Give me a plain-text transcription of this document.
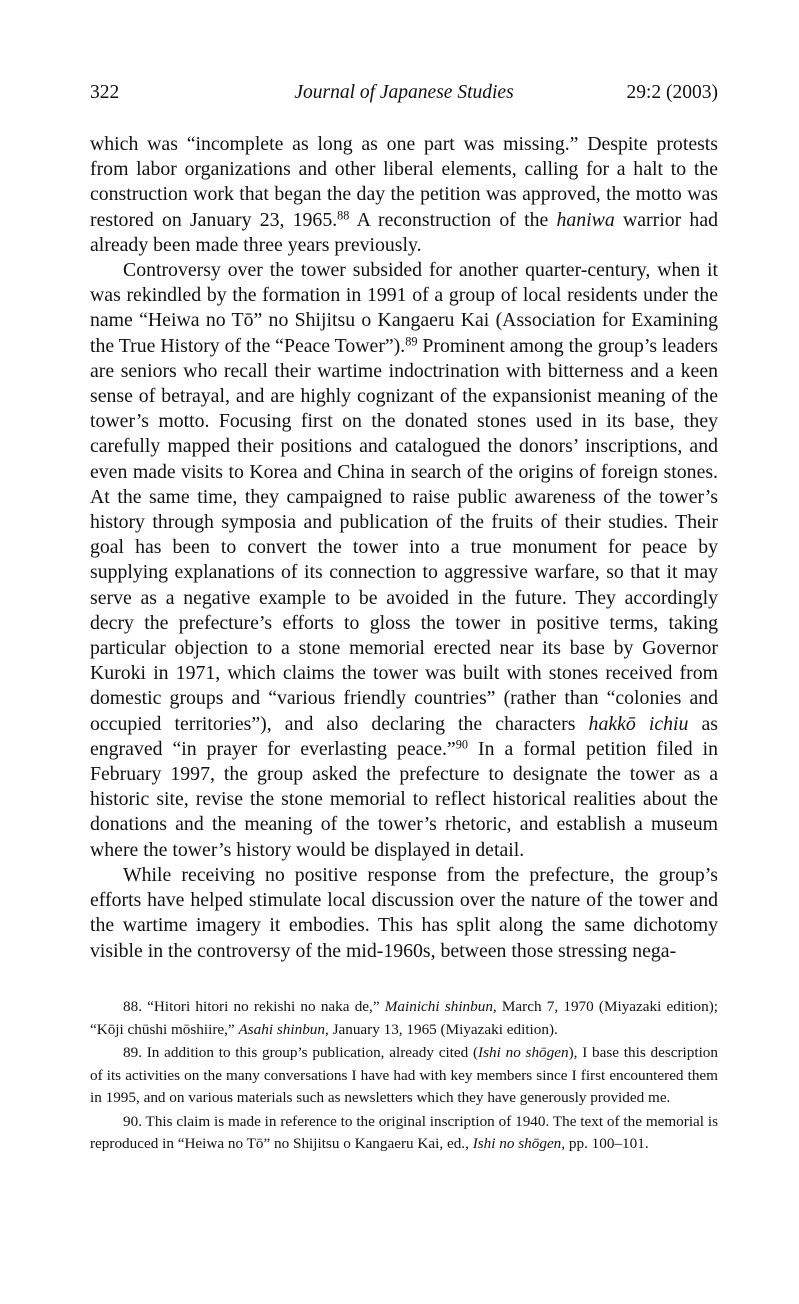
322	Journal of Japanese Studies	29:2 (2003)

which was “incomplete as long as one part was missing.” Despite protests from labor organizations and other liberal elements, calling for a halt to the construction work that began the day the petition was approved, the motto was restored on January 23, 1965.88 A reconstruction of the haniwa warrior had already been made three years previously.

Controversy over the tower subsided for another quarter-century, when it was rekindled by the formation in 1991 of a group of local residents under the name “Heiwa no Tō” no Shijitsu o Kangaeru Kai (Association for Examining the True History of the “Peace Tower”).$^{89}$ Prominent among the group’s leaders are seniors who recall their wartime indoctrination with bitterness and a keen sense of betrayal, and are highly cognizant of the expansionist meaning of the tower’s motto. Focusing first on the donated stones used in its base, they carefully mapped their positions and catalogued the donors’ inscriptions, and even made visits to Korea and China in search of the origins of foreign stones. At the same time, they campaigned to raise public awareness of the tower’s history through symposia and publication of the fruits of their studies. Their goal has been to convert the tower into a true monument for peace by supplying explanations of its connection to aggressive warfare, so that it may serve as a negative example to be avoided in the future. They accordingly decry the prefecture’s efforts to gloss the tower in positive terms, taking particular objection to a stone memorial erected near its base by Governor Kuroki in 1971, which claims the tower was built with stones received from domestic groups and “various friendly countries” (rather than “colonies and occupied territories”), and also declaring the characters hakkō ichiu as engraved “in prayer for everlasting peace.”$^{90}$ In a formal petition filed in February 1997, the group asked the prefecture to designate the tower as a historic site, revise the stone memorial to reflect historical realities about the donations and the meaning of the tower’s rhetoric, and establish a museum where the tower’s history would be displayed in detail.

While receiving no positive response from the prefecture, the group’s efforts have helped stimulate local discussion over the nature of the tower and the wartime imagery it embodies. This has split along the same dichotomy visible in the controversy of the mid-1960s, between those stressing nega-

88. “Hitori hitori no rekishi no naka de,” Mainichi shinbun, March 7, 1970 (Miyazaki edition); “Kōji chūshi mōshiire,” Asahi shinbun, January 13, 1965 (Miyazaki edition).

89. In addition to this group’s publication, already cited (Ishi no shōgen), I base this description of its activities on the many conversations I have had with key members since I first encountered them in 1995, and on various materials such as newsletters which they have generously provided me.

90. This claim is made in reference to the original inscription of 1940. The text of the memorial is reproduced in “Heiwa no Tō” no Shijitsu o Kangaeru Kai, ed., Ishi no shōgen, pp. 100–101.
